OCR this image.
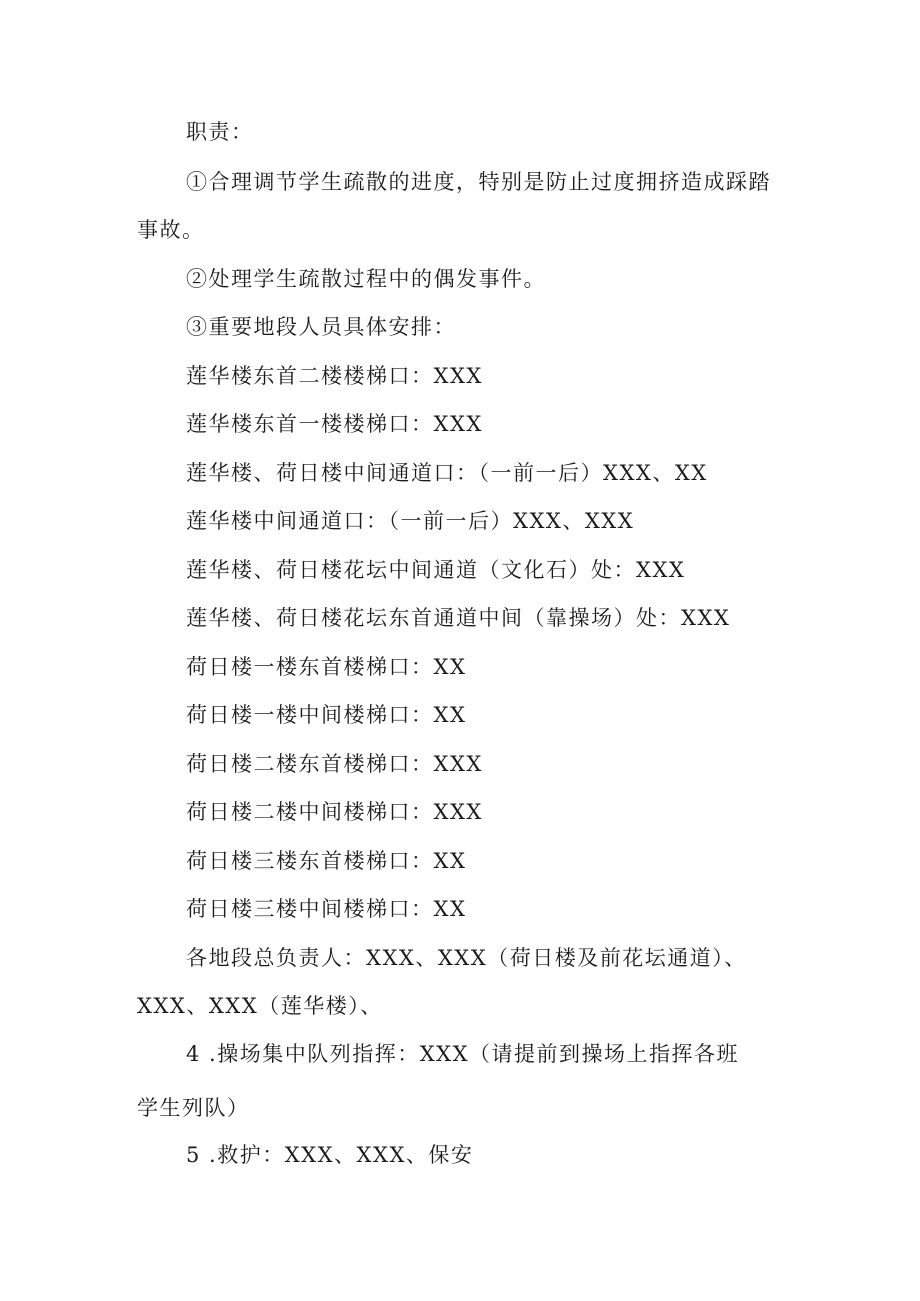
职责：
①合理调节学生疏散的进度，特别是防止过度拥挤造成踩踏
事故。
②处理学生疏散过程中的偶发事件。
③重要地段人员具体安排：
莲华楼东首二楼楼梯口：XXX
莲华楼东首一楼楼梯口：XXX
莲华楼、荷日楼中间通道口：（一前一后）XXX、XX
莲华楼中间通道口：（一前一后）XXX、XXX
莲华楼、荷日楼花坛中间通道（文化石）处：XXX
莲华楼、荷日楼花坛东首通道中间（靠操场）处：XXX
荷日楼一楼东首楼梯口：XX
荷日楼一楼中间楼梯口：XX
荷日楼二楼东首楼梯口：XXX
荷日楼二楼中间楼梯口：XXX
荷日楼三楼东首楼梯口：XX
荷日楼三楼中间楼梯口：XX
各地段总负责人：XXX、XXX（荷日楼及前花坛通道）、
XXX、XXX（莲华楼）、
4 .操场集中队列指挥：XXX（请提前到操场上指挥各班
学生列队）
5 .救护：XXX、XXX、保安
